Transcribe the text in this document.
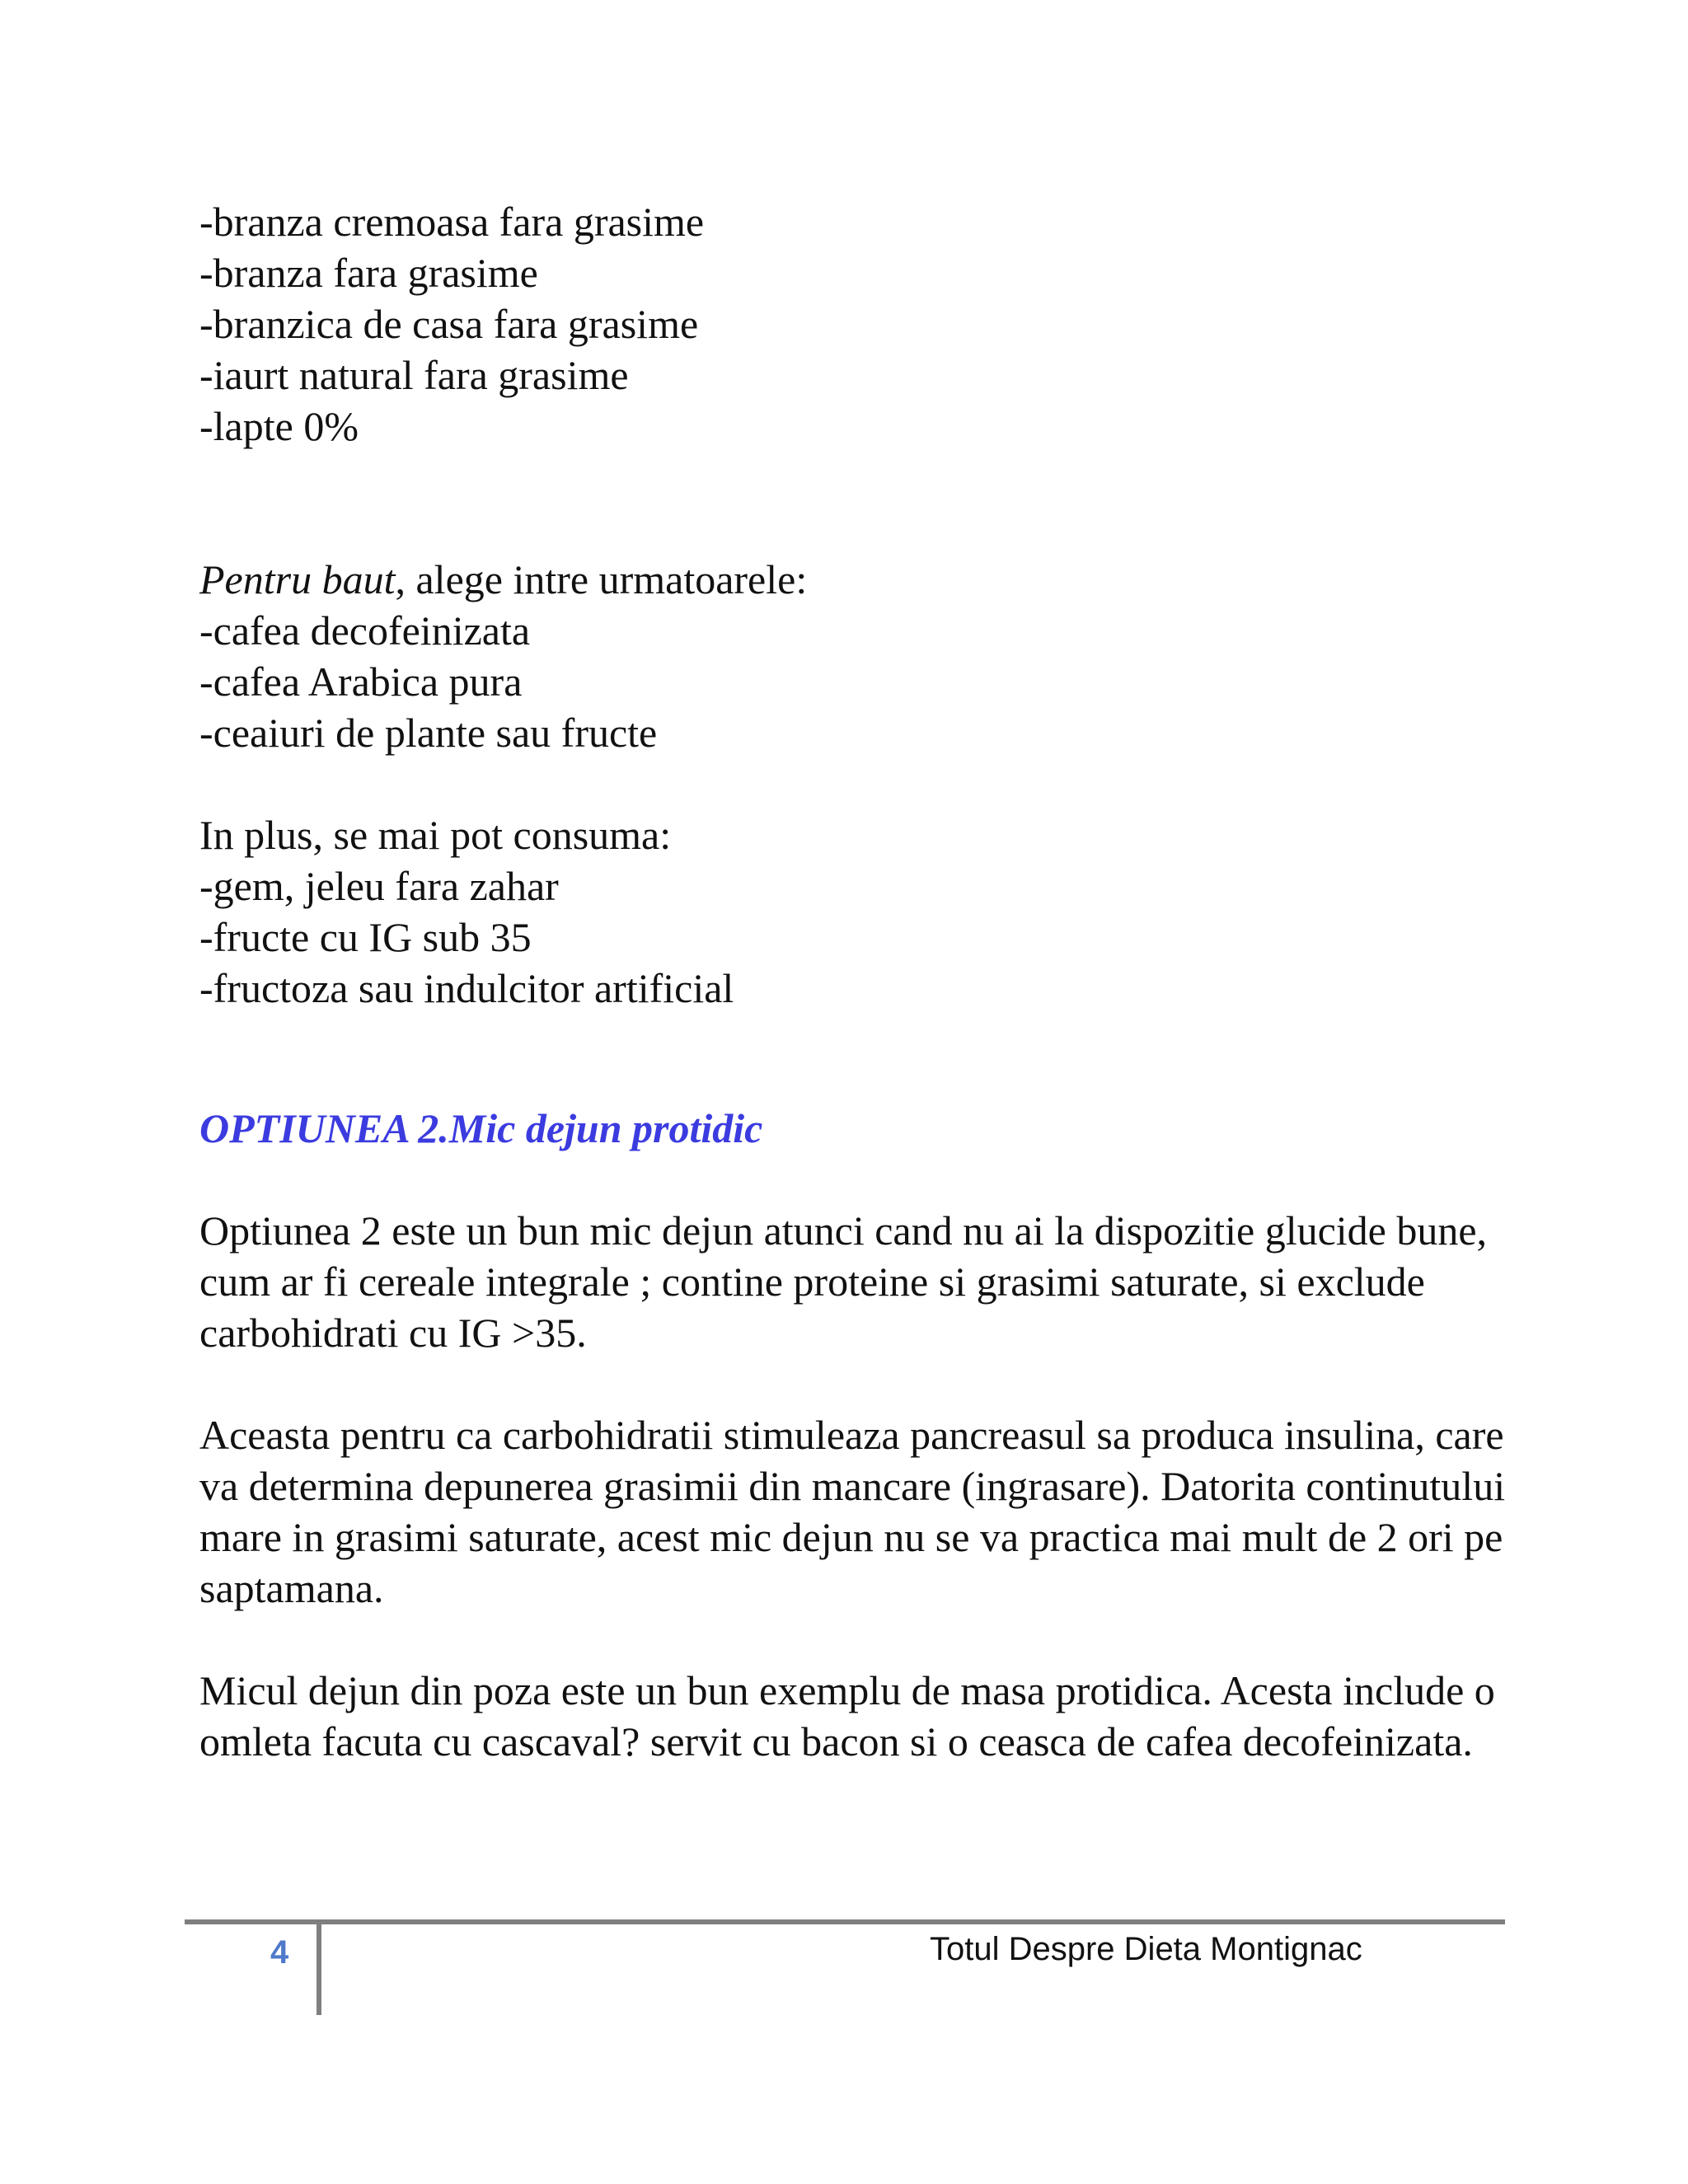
-branza cremoasa fara grasime

-branza fara grasime

-branzica de casa fara grasime

-iaurt natural fara grasime

-lapte 0%

Pentru baut, alege intre urmatoarele:

-cafea decofeinizata

-cafea Arabica pura

-ceaiuri de plante sau fructe

In plus, se mai pot consuma:

-gem, jeleu fara zahar

-fructe cu IG sub 35

-fructoza sau indulcitor artificial

OPTIUNEA 2.Mic dejun protidic

Optiunea 2 este un bun mic dejun atunci cand nu ai la dispozitie glucide bune, cum ar fi cereale integrale ; contine proteine si grasimi saturate, si exclude carbohidrati cu IG >35.

Aceasta pentru ca carbohidratii stimuleaza pancreasul sa produca insulina, care va determina depunerea grasimii din mancare (ingrasare). Datorita continutului mare in grasimi saturate, acest mic dejun nu se va practica mai mult de 2 ori pe saptamana.

Micul dejun din poza este un bun exemplu de masa protidica. Acesta include o omleta facuta cu cascaval? servit cu bacon si o ceasca de cafea decofeinizata.

4	Totul Despre Dieta Montignac
